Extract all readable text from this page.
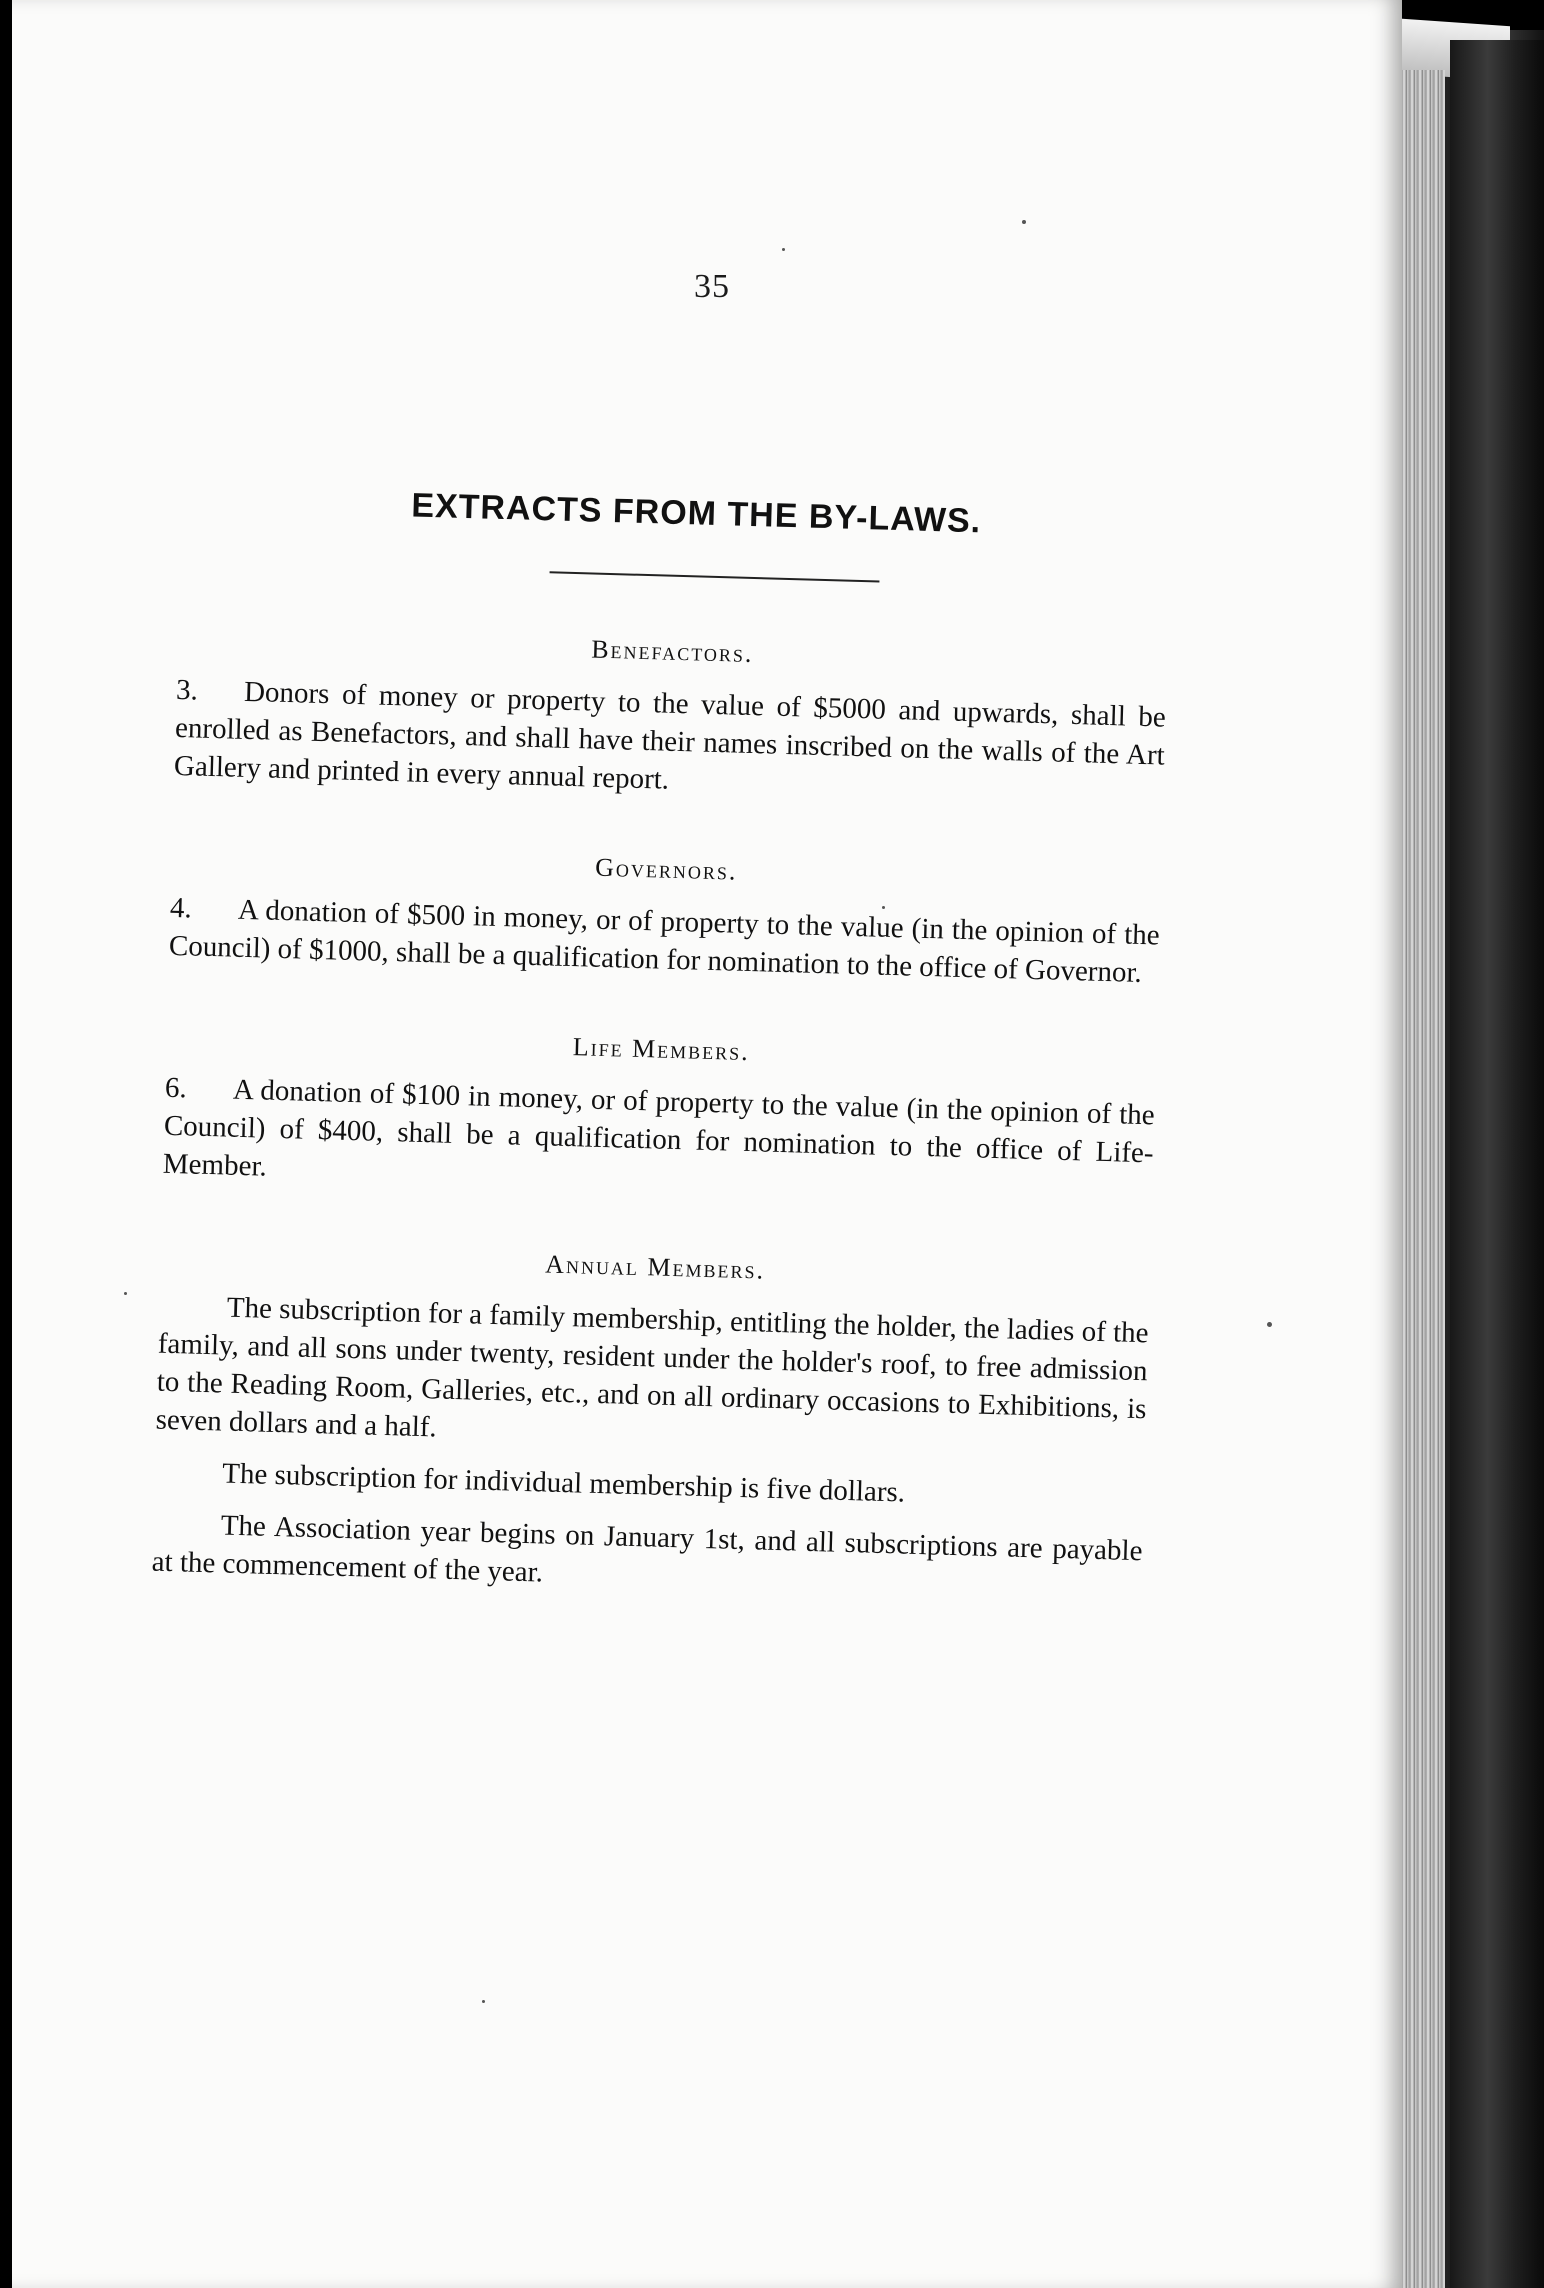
35
EXTRACTS FROM THE BY-LAWS.
Benefactors.

3. Donors of money or property to the value of $5000 and upwards, shall be enrolled as Benefactors, and shall have their names inscribed on the walls of the Art Gallery and printed in every annual report.

Governors.

4. A donation of $500 in money, or of property to the value (in the opinion of the Council) of $1000, shall be a qualification for nomination to the office of Governor.

Life Members.

6. A donation of $100 in money, or of property to the value (in the opinion of the Council) of $400, shall be a qualification for nomination to the office of Life-Member.

Annual Members.

The subscription for a family membership, entitling the holder, the ladies of the family, and all sons under twenty, resident under the holder's roof, to free admission to the Reading Room, Galleries, etc., and on all ordinary occasions to Exhibitions, is seven dollars and a half.

The subscription for individual membership is five dollars.

The Association year begins on January 1st, and all subscriptions are payable at the commencement of the year.
